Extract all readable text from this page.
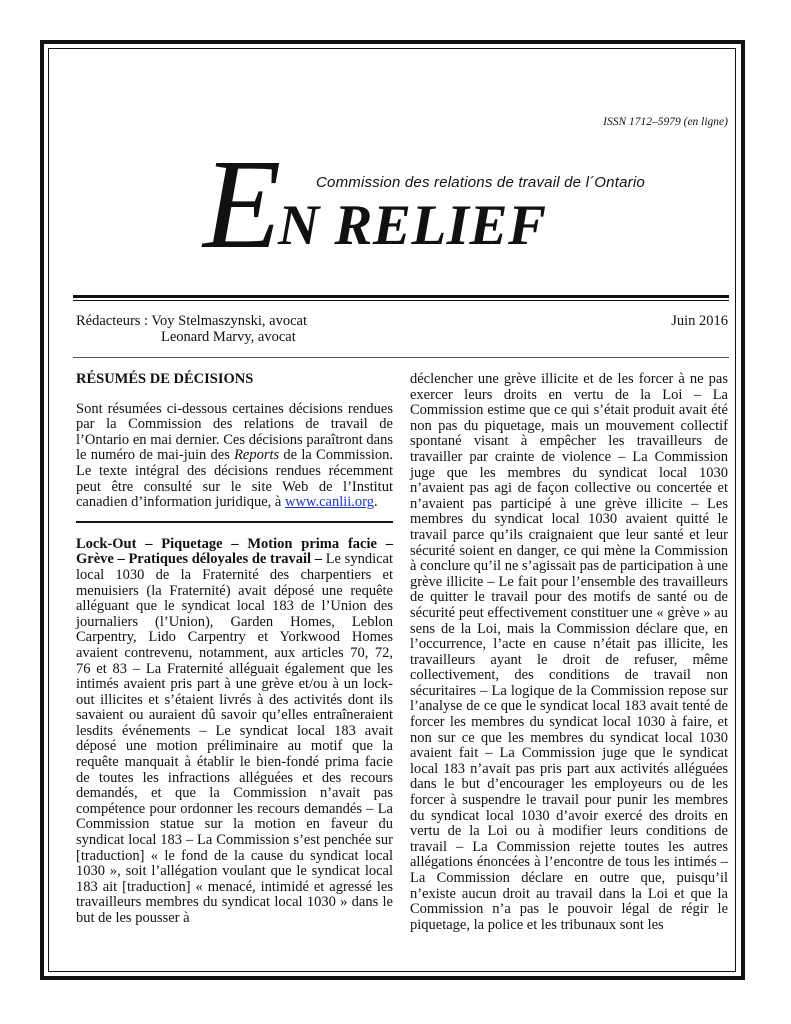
ISSN 1712–5979 (en ligne)
E Commission des relations de travail de l´Ontario
N RELIEF
Rédacteurs : Voy Stelmaszynski, avocat
Leonard Marvy, avocat
Juin 2016
RÉSUMÉS DE DÉCISIONS

Sont résumées ci-dessous certaines décisions rendues par la Commission des relations de travail de l’Ontario en mai dernier. Ces décisions paraîtront dans le numéro de mai-juin des Reports de la Commission. Le texte intégral des décisions rendues récemment peut être consulté sur le site Web de l’Institut canadien d’information juridique, à www.canlii.org.

Lock-Out – Piquetage – Motion prima facie – Grève – Pratiques déloyales de travail – Le syndicat local 1030 de la Fraternité des charpentiers et menuisiers (la Fraternité) avait déposé une requête alléguant que le syndicat local 183 de l’Union des journaliers (l’Union), Garden Homes, Leblon Carpentry, Lido Carpentry et Yorkwood Homes avaient contrevenu, notamment, aux articles 70, 72, 76 et 83 – La Fraternité alléguait également que les intimés avaient pris part à une grève et/ou à un lock-out illicites et s’étaient livrés à des activités dont ils savaient ou auraient dû savoir qu’elles entraîneraient lesdits événements – Le syndicat local 183 avait déposé une motion préliminaire au motif que la requête manquait à établir le bien-fondé prima facie de toutes les infractions alléguées et des recours demandés, et que la Commission n’avait pas compétence pour ordonner les recours demandés – La Commission statue sur la motion en faveur du syndicat local 183 – La Commission s’est penchée sur [traduction] « le fond de la cause du syndicat local 1030 », soit l’allégation voulant que le syndicat local 183 ait [traduction] « menacé, intimidé et agressé les travailleurs membres du syndicat local 1030 » dans le but de les pousser à

déclencher une grève illicite et de les forcer à ne pas exercer leurs droits en vertu de la Loi – La Commission estime que ce qui s’était produit avait été non pas du piquetage, mais un mouvement collectif spontané visant à empêcher les travailleurs de travailler par crainte de violence – La Commission juge que les membres du syndicat local 1030 n’avaient pas agi de façon collective ou concertée et n’avaient pas participé à une grève illicite – Les membres du syndicat local 1030 avaient quitté le travail parce qu’ils craignaient que leur santé et leur sécurité soient en danger, ce qui mène la Commission à conclure qu’il ne s’agissait pas de participation à une grève illicite – Le fait pour l’ensemble des travailleurs de quitter le travail pour des motifs de santé ou de sécurité peut effectivement constituer une « grève » au sens de la Loi, mais la Commission déclare que, en l’occurrence, l’acte en cause n’était pas illicite, les travailleurs ayant le droit de refuser, même collectivement, des conditions de travail non sécuritaires – La logique de la Commission repose sur l’analyse de ce que le syndicat local 183 avait tenté de forcer les membres du syndicat local 1030 à faire, et non sur ce que les membres du syndicat local 1030 avaient fait – La Commission juge que le syndicat local 183 n’avait pas pris part aux activités alléguées dans le but d’encourager les employeurs ou de les forcer à suspendre le travail pour punir les membres du syndicat local 1030 d’avoir exercé des droits en vertu de la Loi ou à modifier leurs conditions de travail – La Commission rejette toutes les autres allégations énoncées à l’encontre de tous les intimés – La Commission déclare en outre que, puisqu’il n’existe aucun droit au travail dans la Loi et que la Commission n’a pas le pouvoir légal de régir le piquetage, la police et les tribunaux sont les
